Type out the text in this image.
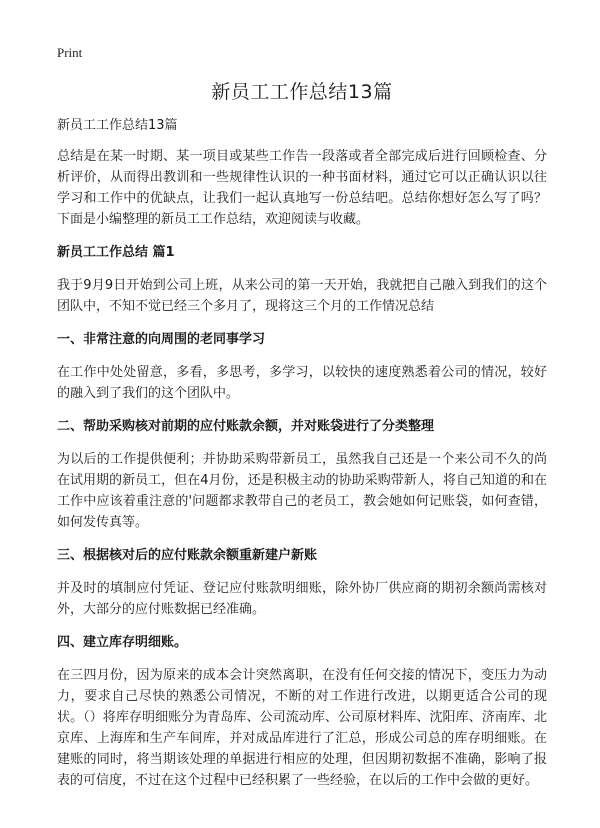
Print
新员工工作总结13篇
新员工工作总结13篇

总结是在某一时期、某一项目或某些工作告一段落或者全部完成后进行回顾检查、分析评价，从而得出教训和一些规律性认识的一种书面材料，通过它可以正确认识以往学习和工作中的优缺点，让我们一起认真地写一份总结吧。总结你想好怎么写了吗？下面是小编整理的新员工工作总结，欢迎阅读与收藏。

新员工工作总结 篇1

我于9月9日开始到公司上班，从来公司的第一天开始，我就把自己融入到我们的这个团队中，不知不觉已经三个多月了，现将这三个月的工作情况总结

一、非常注意的向周围的老同事学习

在工作中处处留意，多看，多思考，多学习，以较快的速度熟悉着公司的情况，较好的融入到了我们的这个团队中。

二、帮助采购核对前期的应付账款余额，并对账袋进行了分类整理

为以后的工作提供便利；并协助采购带新员工，虽然我自己还是一个来公司不久的尚在试用期的新员工，但在4月份，还是积极主动的协助采购带新人，将自己知道的和在工作中应该着重注意的'问题都求教带自己的老员工，教会她如何记账袋，如何查错，如何发传真等。

三、根据核对后的应付账款余额重新建户新账

并及时的填制应付凭证、登记应付账款明细账，除外协厂供应商的期初余额尚需核对外，大部分的应付账数据已经准确。

四、建立库存明细账。

在三四月份，因为原来的成本会计突然离职，在没有任何交接的情况下，变压力为动力，要求自己尽快的熟悉公司情况，不断的对工作进行改进，以期更适合公司的现状。（）将库存明细账分为青岛库、公司流动库、公司原材料库、沈阳库、济南库、北京库、上海库和生产车间库，并对成品库进行了汇总，形成公司总的库存明细账。在建账的同时，将当期该处理的单据进行相应的处理，但因期初数据不准确，影响了报表的可信度，不过在这个过程中已经积累了一些经验，在以后的工作中会做的更好。
